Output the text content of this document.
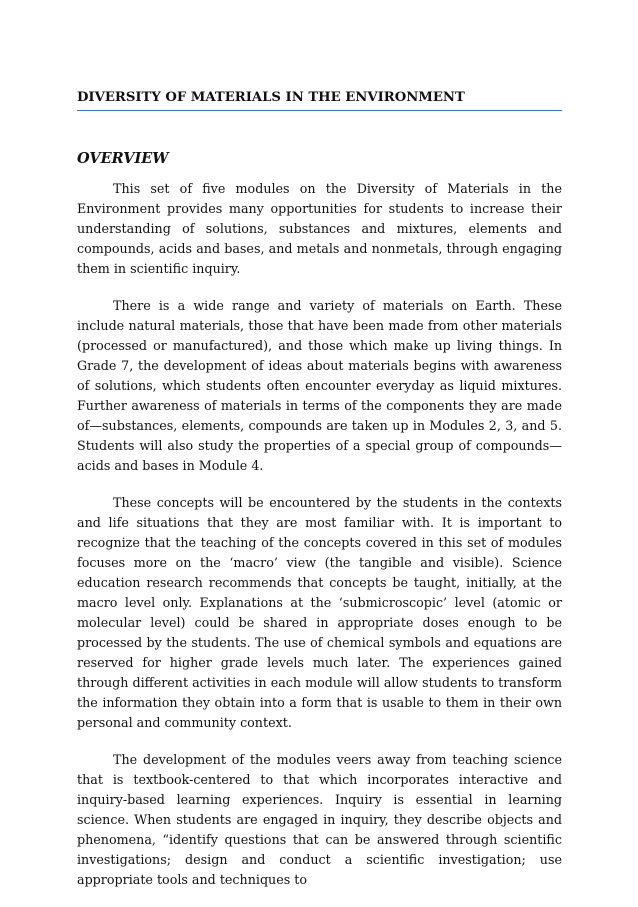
DIVERSITY OF MATERIALS IN THE ENVIRONMENT
OVERVIEW

This set of five modules on the Diversity of Materials in the Environment provides many opportunities for students to increase their understanding of solutions, substances and mixtures, elements and compounds, acids and bases, and metals and nonmetals, through engaging them in scientific inquiry.

There is a wide range and variety of materials on Earth. These include natural materials, those that have been made from other materials (processed or manufactured), and those which make up living things. In Grade 7, the development of ideas about materials begins with awareness of solutions, which students often encounter everyday as liquid mixtures. Further awareness of materials in terms of the components they are made of—substances, elements, compounds are taken up in Modules 2, 3, and 5. Students will also study the properties of a special group of compounds—acids and bases in Module 4.

These concepts will be encountered by the students in the contexts and life situations that they are most familiar with. It is important to recognize that the teaching of the concepts covered in this set of modules focuses more on the ‘macro’ view (the tangible and visible). Science education research recommends that concepts be taught, initially, at the macro level only. Explanations at the ‘submicroscopic’ level (atomic or molecular level) could be shared in appropriate doses enough to be processed by the students. The use of chemical symbols and equations are reserved for higher grade levels much later. The experiences gained through different activities in each module will allow students to transform the information they obtain into a form that is usable to them in their own personal and community context.

The development of the modules veers away from teaching science that is textbook-centered to that which incorporates interactive and inquiry-based learning experiences. Inquiry is essential in learning science. When students are engaged in inquiry, they describe objects and phenomena, “identify questions that can be answered through scientific investigations; design and conduct a scientific investigation; use appropriate tools and techniques to
